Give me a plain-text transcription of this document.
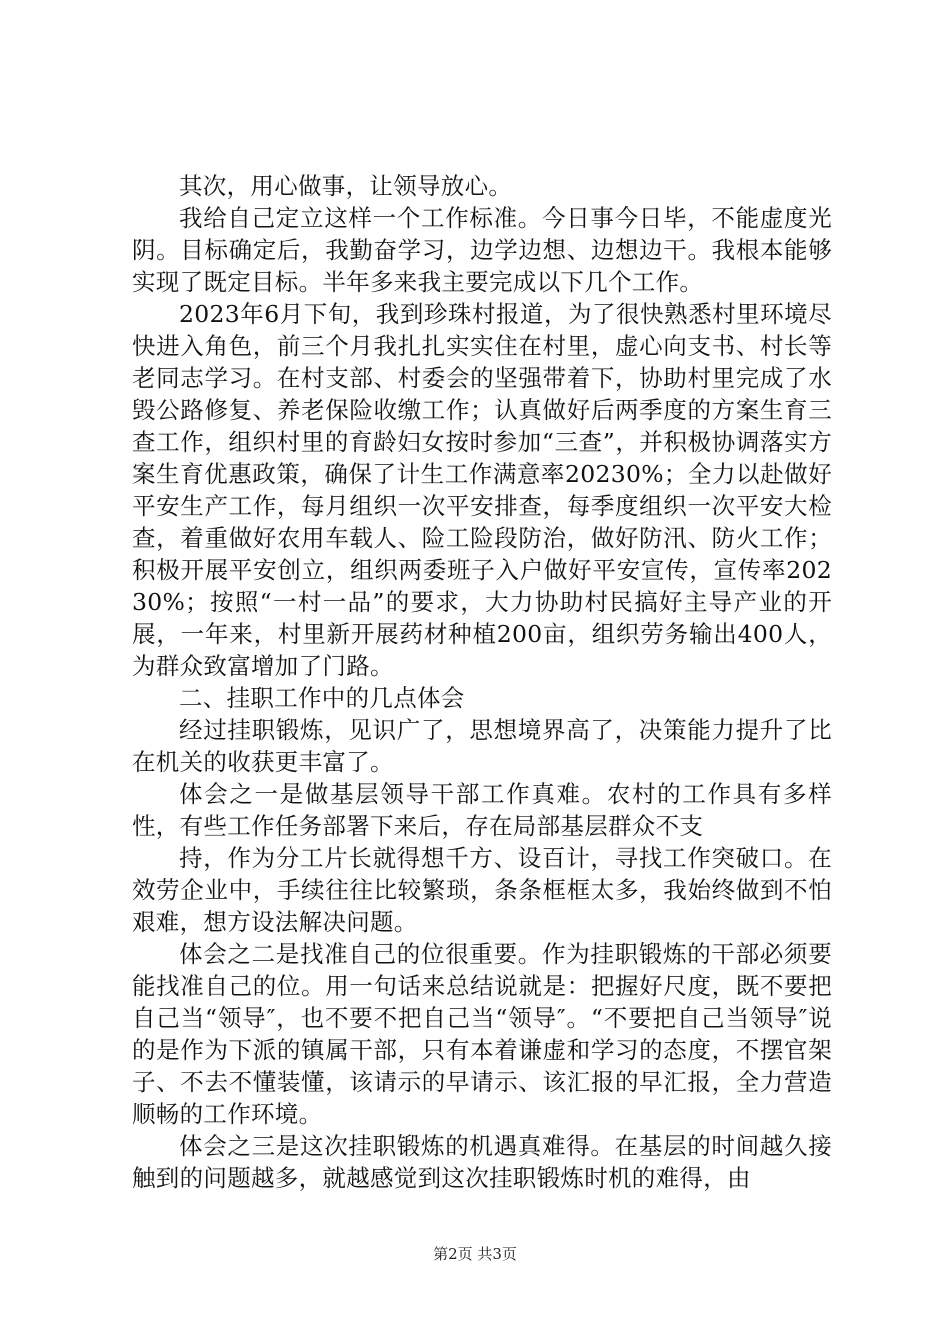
其次，用心做事，让领导放心。

我给自己定立这样一个工作标准。今日事今日毕，不能虚度光阴。目标确定后，我勤奋学习，边学边想、边想边干。我根本能够实现了既定目标。半年多来我主要完成以下几个工作。

2023年6月下旬，我到珍珠村报道，为了很快熟悉村里环境尽快进入角色，前三个月我扎扎实实住在村里，虚心向支书、村长等老同志学习。在村支部、村委会的坚强带着下，协助村里完成了水毁公路修复、养老保险收缴工作；认真做好后两季度的方案生育三查工作，组织村里的育龄妇女按时参加“三查”，并积极协调落实方案生育优惠政策，确保了计生工作满意率20230%；全力以赴做好平安生产工作，每月组织一次平安排查，每季度组织一次平安大检查，着重做好农用车载人、险工险段防治，做好防汛、防火工作；积极开展平安创立，组织两委班子入户做好平安宣传，宣传率20230%；按照“一村一品”的要求，大力协助村民搞好主导产业的开展，一年来，村里新开展药材种植200亩，组织劳务输出400人，为群众致富增加了门路。

二、挂职工作中的几点体会

经过挂职锻炼，见识广了，思想境界高了，决策能力提升了比在机关的收获更丰富了。

体会之一是做基层领导干部工作真难。农村的工作具有多样性，有些工作任务部署下来后，存在局部基层群众不支

持，作为分工片长就得想千方、设百计，寻找工作突破口。在效劳企业中，手续往往比较繁琐，条条框框太多，我始终做到不怕艰难，想方设法解决问题。

体会之二是找准自己的位很重要。作为挂职锻炼的干部必须要能找准自己的位。用一句话来总结说就是：把握好尺度，既不要把自己当“领导″，也不要不把自己当“领导″。“不要把自己当领导″说的是作为下派的镇属干部，只有本着谦虚和学习的态度，不摆官架子、不去不懂装懂，该请示的早请示、该汇报的早汇报，全力营造顺畅的工作环境。

体会之三是这次挂职锻炼的机遇真难得。在基层的时间越久接触到的问题越多，就越感觉到这次挂职锻炼时机的难得，由

第2页 共3页
